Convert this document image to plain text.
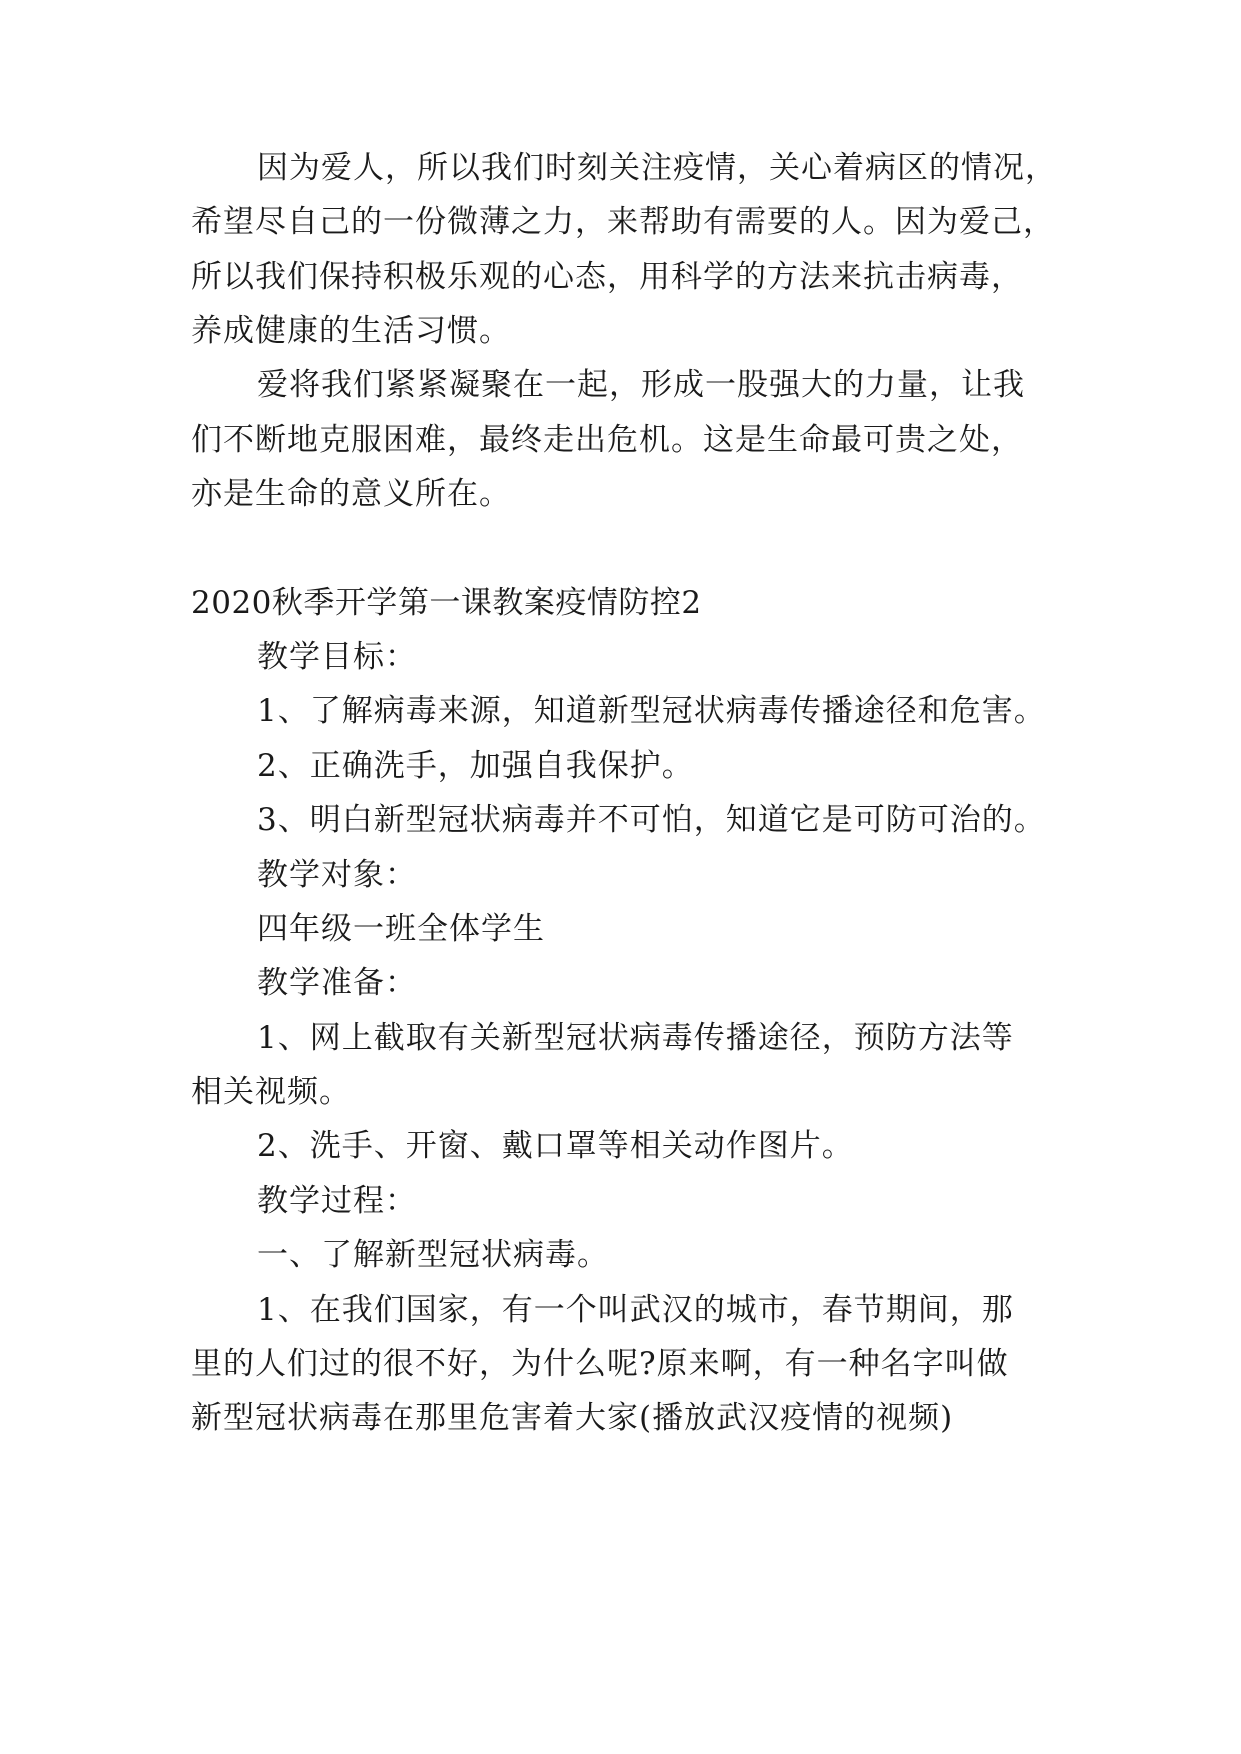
因为爱人，所以我们时刻关注疫情，关心着病区的情况，
希望尽自己的一份微薄之力，来帮助有需要的人。因为爱己，
所以我们保持积极乐观的心态，用科学的方法来抗击病毒，
养成健康的生活习惯。
爱将我们紧紧凝聚在一起，形成一股强大的力量，让我
们不断地克服困难，最终走出危机。这是生命最可贵之处，
亦是生命的意义所在。
2020秋季开学第一课教案疫情防控2
教学目标：
1、了解病毒来源，知道新型冠状病毒传播途径和危害。
2、正确洗手，加强自我保护。
3、明白新型冠状病毒并不可怕，知道它是可防可治的。
教学对象：
四年级一班全体学生
教学准备：
1、网上截取有关新型冠状病毒传播途径，预防方法等
相关视频。
2、洗手、开窗、戴口罩等相关动作图片。
教学过程：
一、了解新型冠状病毒。
1、在我们国家，有一个叫武汉的城市，春节期间，那
里的人们过的很不好，为什么呢?原来啊，有一种名字叫做
新型冠状病毒在那里危害着大家(播放武汉疫情的视频)
